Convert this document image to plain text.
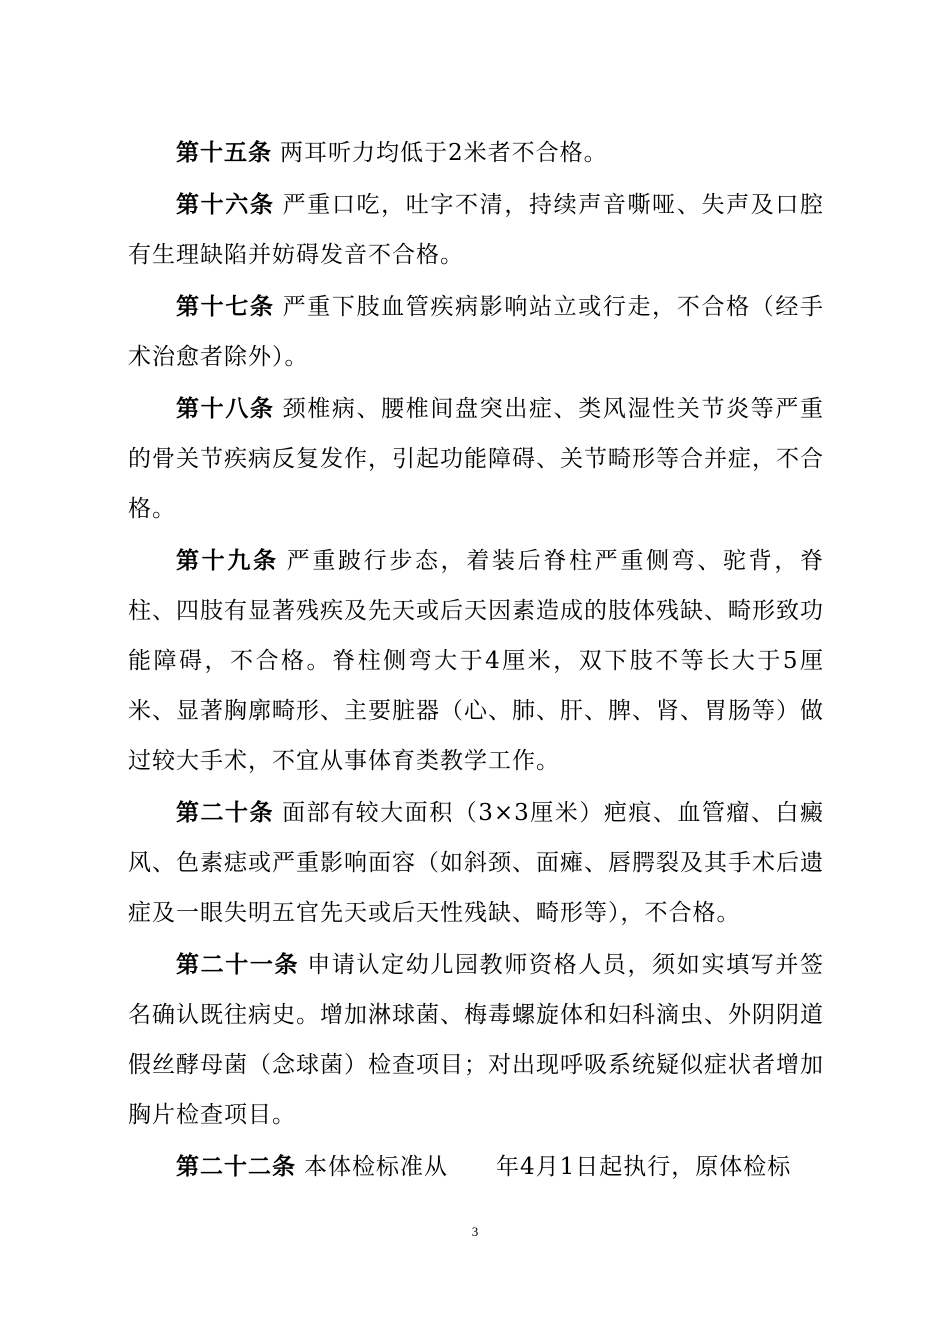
第十五条 两耳听力均低于2米者不合格。

第十六条 严重口吃，吐字不清，持续声音嘶哑、失声及口腔有生理缺陷并妨碍发音不合格。

第十七条 严重下肢血管疾病影响站立或行走，不合格（经手术治愈者除外）。

第十八条 颈椎病、腰椎间盘突出症、类风湿性关节炎等严重的骨关节疾病反复发作，引起功能障碍、关节畸形等合并症，不合格。

第十九条 严重跛行步态，着装后脊柱严重侧弯、驼背，脊柱、四肢有显著残疾及先天或后天因素造成的肢体残缺、畸形致功能障碍，不合格。脊柱侧弯大于4厘米，双下肢不等长大于5厘米、显著胸廓畸形、主要脏器（心、肺、肝、脾、肾、胃肠等）做过较大手术，不宜从事体育类教学工作。

第二十条 面部有较大面积（3×3厘米）疤痕、血管瘤、白癜风、色素痣或严重影响面容（如斜颈、面瘫、唇腭裂及其手术后遗症及一眼失明五官先天或后天性残缺、畸形等），不合格。

第二十一条 申请认定幼儿园教师资格人员，须如实填写并签名确认既往病史。增加淋球菌、梅毒螺旋体和妇科滴虫、外阴阴道假丝酵母菌（念球菌）检查项目；对出现呼吸系统疑似症状者增加胸片检查项目。

第二十二条 本体检标准从　　年4月1日起执行，原体检标

3
